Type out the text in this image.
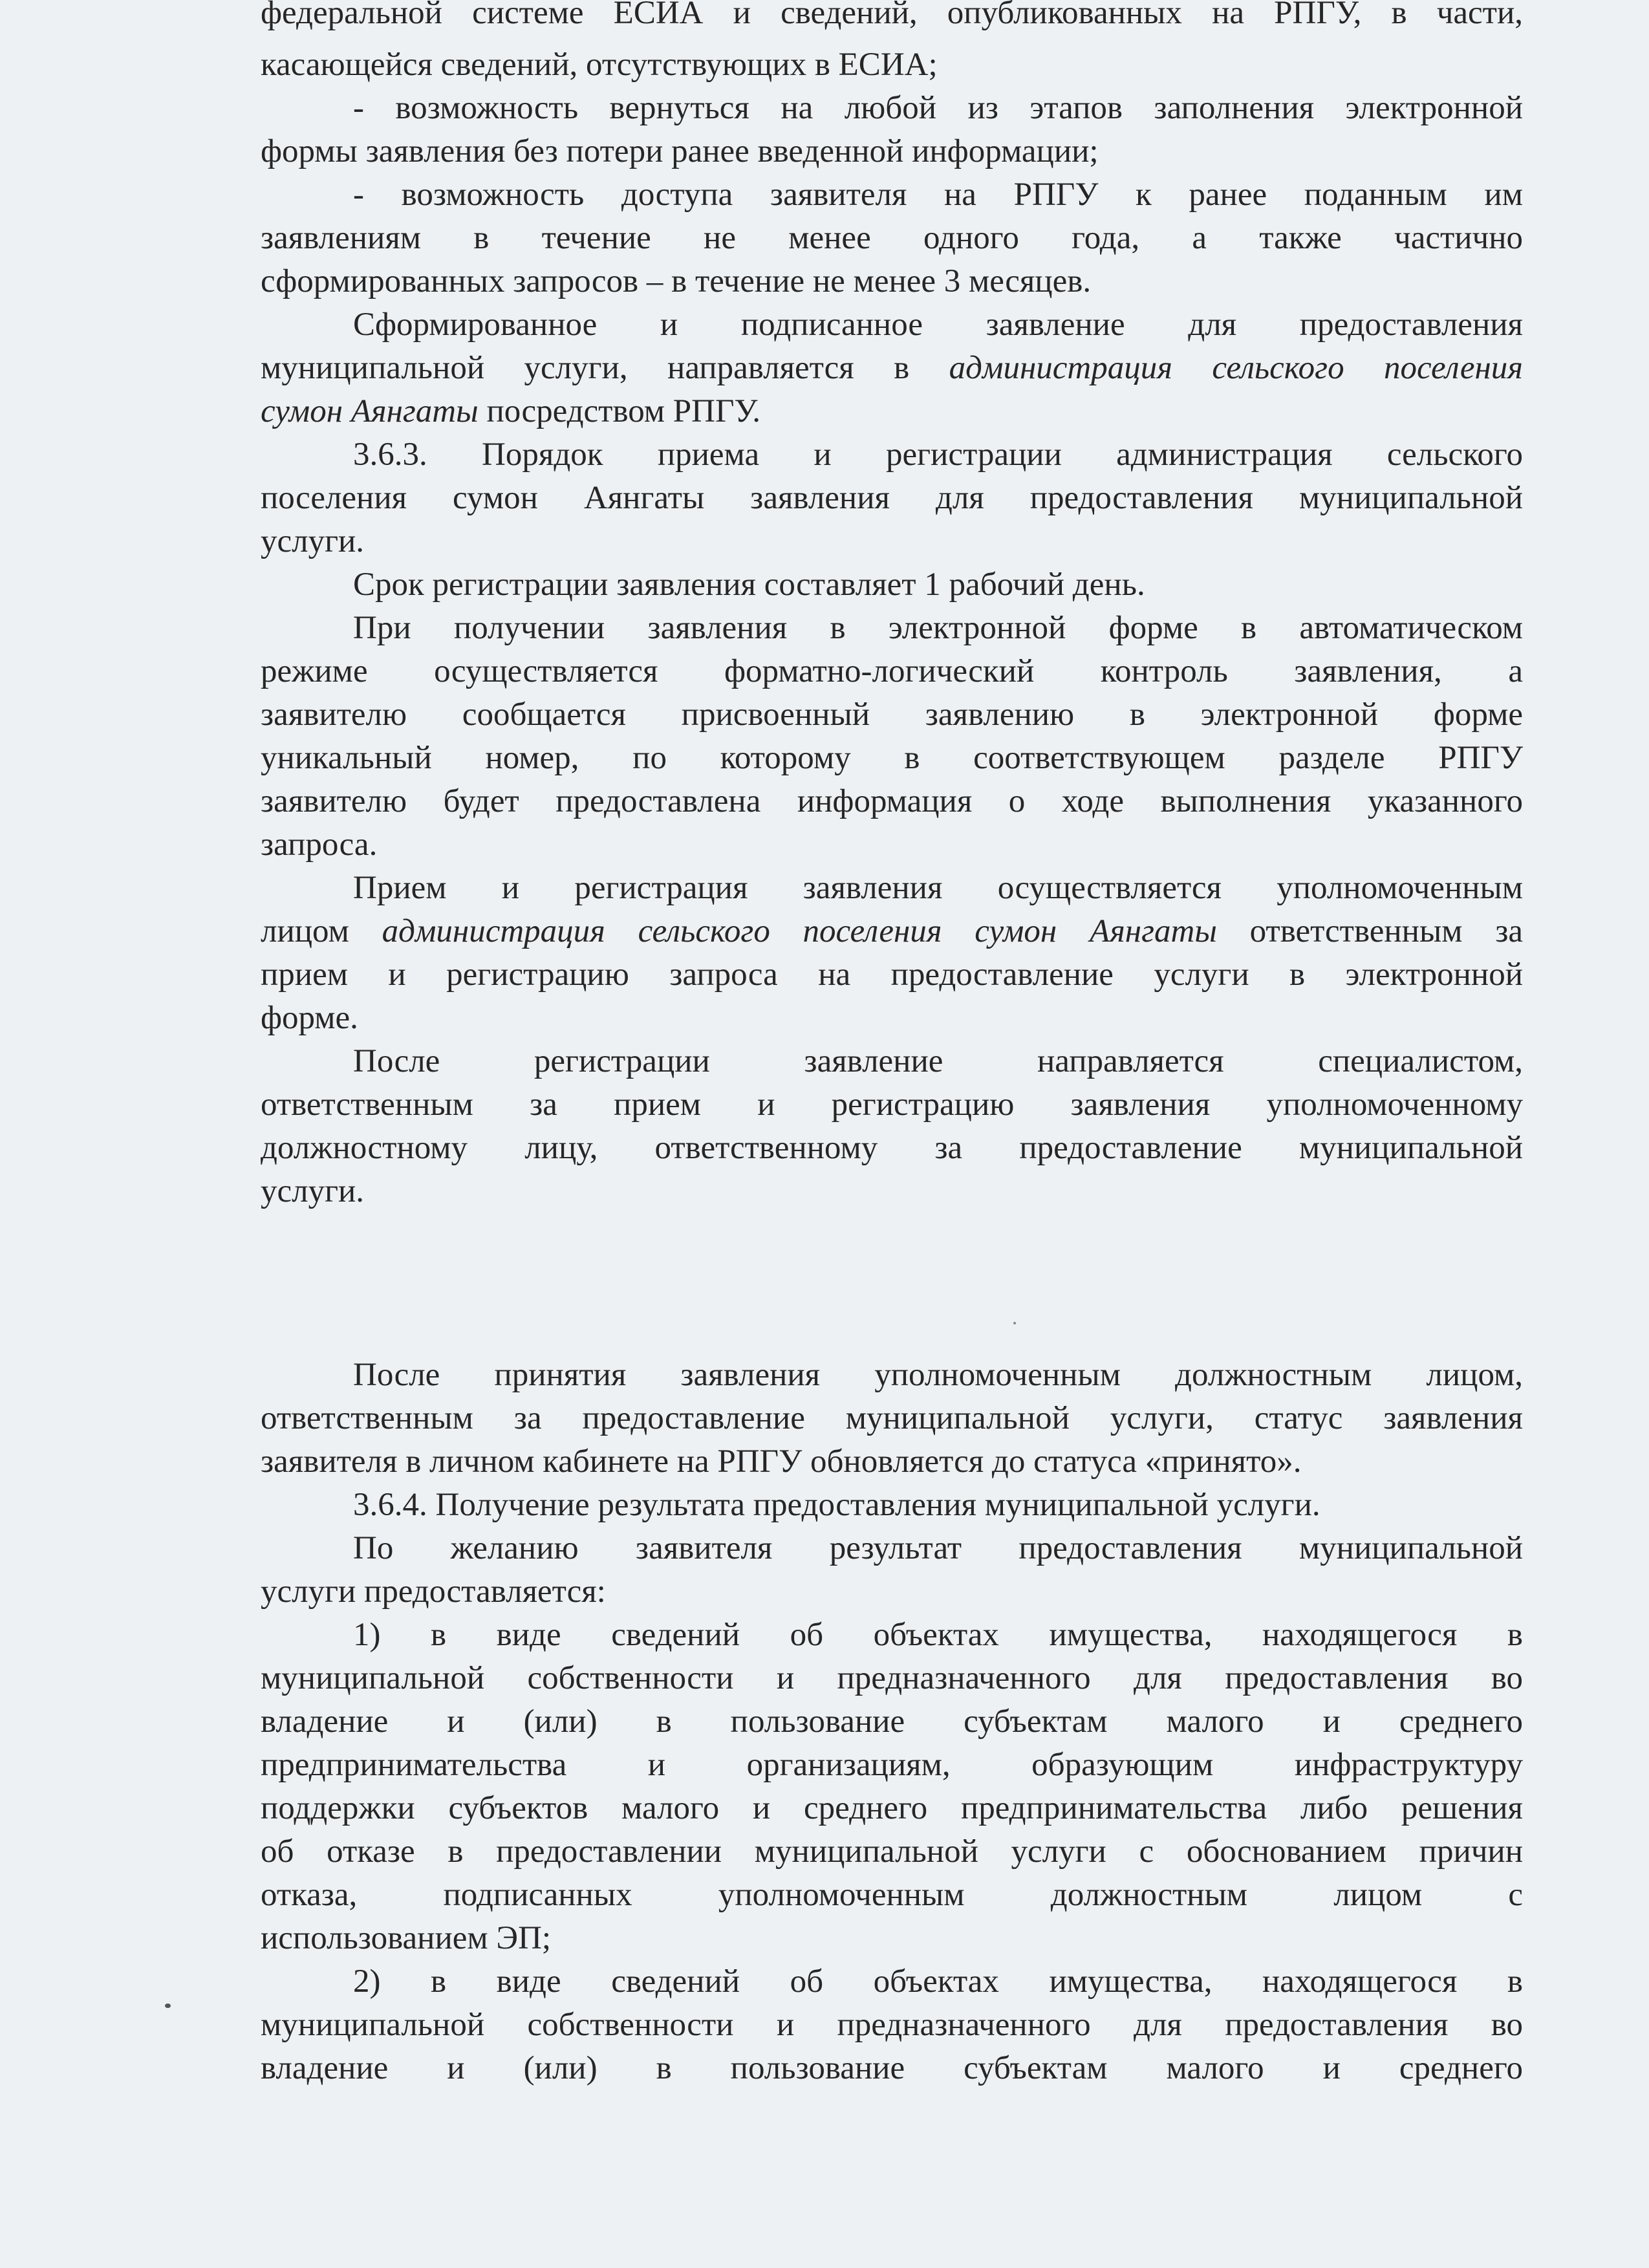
федеральной системе ЕСИА и сведений, опубликованных на РПГУ, в части,
касающейся сведений, отсутствующих в ЕСИА;
- возможность вернуться на любой из этапов заполнения электронной
формы заявления без потери ранее введенной информации;
- возможность доступа заявителя на РПГУ к ранее поданным им
заявлениям в течение не менее одного года, а также частично
сформированных запросов – в течение не менее 3 месяцев.
Сформированное и подписанное заявление для предоставления
муниципальной услуги, направляется в администрация сельского поселения
сумон Аянгаты посредством РПГУ.
3.6.3. Порядок приема и регистрации администрация сельского
поселения сумон Аянгаты заявления для предоставления муниципальной
услуги.
Срок регистрации заявления составляет 1 рабочий день.
При получении заявления в электронной форме в автоматическом
режиме осуществляется форматно-логический контроль заявления, а
заявителю сообщается присвоенный заявлению в электронной форме
уникальный номер, по которому в соответствующем разделе РПГУ
заявителю будет предоставлена информация о ходе выполнения указанного
запроса.
Прием и регистрация заявления осуществляется уполномоченным
лицом администрация сельского поселения сумон Аянгаты ответственным за
прием и регистрацию запроса на предоставление услуги в электронной
форме.
После регистрации заявление направляется специалистом,
ответственным за прием и регистрацию заявления уполномоченному
должностному лицу, ответственному за предоставление муниципальной
услуги.
После принятия заявления уполномоченным должностным лицом,
ответственным за предоставление муниципальной услуги, статус заявления
заявителя в личном кабинете на РПГУ обновляется до статуса «принято».
3.6.4. Получение результата предоставления муниципальной услуги.
По желанию заявителя результат предоставления муниципальной
услуги предоставляется:
1) в виде сведений об объектах имущества, находящегося в
муниципальной собственности и предназначенного для предоставления во
владение и (или) в пользование субъектам малого и среднего
предпринимательства и организациям, образующим инфраструктуру
поддержки субъектов малого и среднего предпринимательства либо решения
об отказе в предоставлении муниципальной услуги с обоснованием причин
отказа, подписанных уполномоченным должностным лицом с
использованием ЭП;
2) в виде сведений об объектах имущества, находящегося в
муниципальной собственности и предназначенного для предоставления во
владение и (или) в пользование субъектам малого и среднего
